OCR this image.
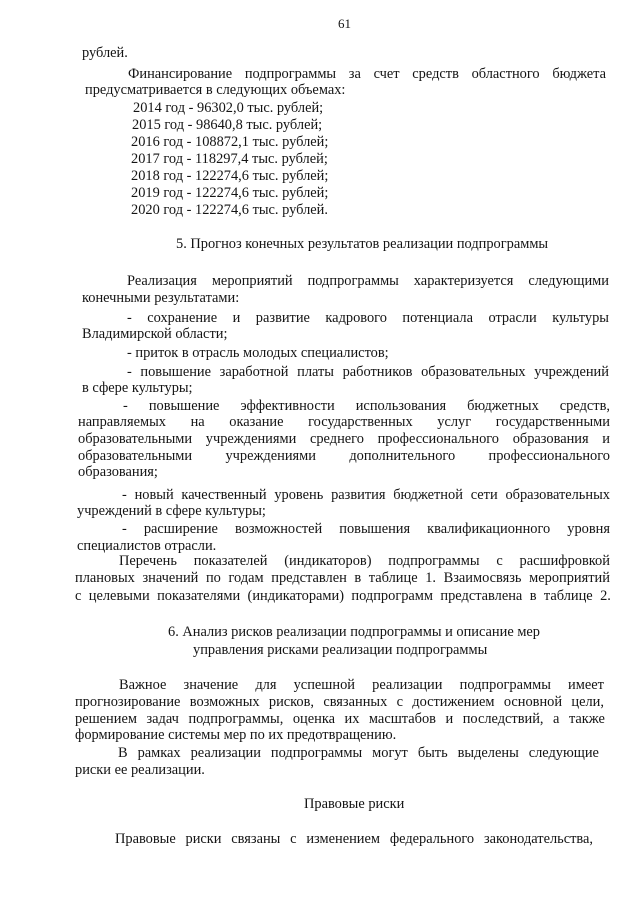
61
рублей.
Финансирование подпрограммы за счет средств областного бюджета
предусматривается в следующих объемах:
2014 год - 96302,0 тыс. рублей;
2015 год - 98640,8 тыс. рублей;
2016 год - 108872,1 тыс. рублей;
2017 год - 118297,4 тыс. рублей;
2018 год - 122274,6 тыс. рублей;
2019 год - 122274,6 тыс. рублей;
2020 год - 122274,6 тыс. рублей.
5. Прогноз конечных результатов реализации подпрограммы
Реализация мероприятий подпрограммы характеризуется следующими
конечными результатами:
- сохранение и развитие кадрового потенциала отрасли культуры
Владимирской области;
- приток в отрасль молодых специалистов;
- повышение заработной платы работников образовательных учреждений
в сфере культуры;
- повышение эффективности использования бюджетных средств,
направляемых на оказание государственных услуг государственными
образовательными учреждениями среднего профессионального образования и
образовательными учреждениями дополнительного профессионального
образования;
- новый качественный уровень развития бюджетной сети образовательных
учреждений в сфере культуры;
- расширение возможностей повышения квалификационного уровня
специалистов отрасли.
Перечень показателей (индикаторов) подпрограммы с расшифровкой
плановых значений по годам представлен в таблице 1. Взаимосвязь мероприятий
с целевыми показателями (индикаторами) подпрограмм представлена в таблице 2.
6. Анализ рисков реализации подпрограммы и описание мер
управления рисками реализации подпрограммы
Важное значение для успешной реализации подпрограммы имеет
прогнозирование возможных рисков, связанных с достижением основной цели,
решением задач подпрограммы, оценка их масштабов и последствий, а также
формирование системы мер по их предотвращению.
В рамках реализации подпрограммы могут быть выделены следующие
риски ее реализации.
Правовые риски
Правовые риски связаны с изменением федерального законодательства,
